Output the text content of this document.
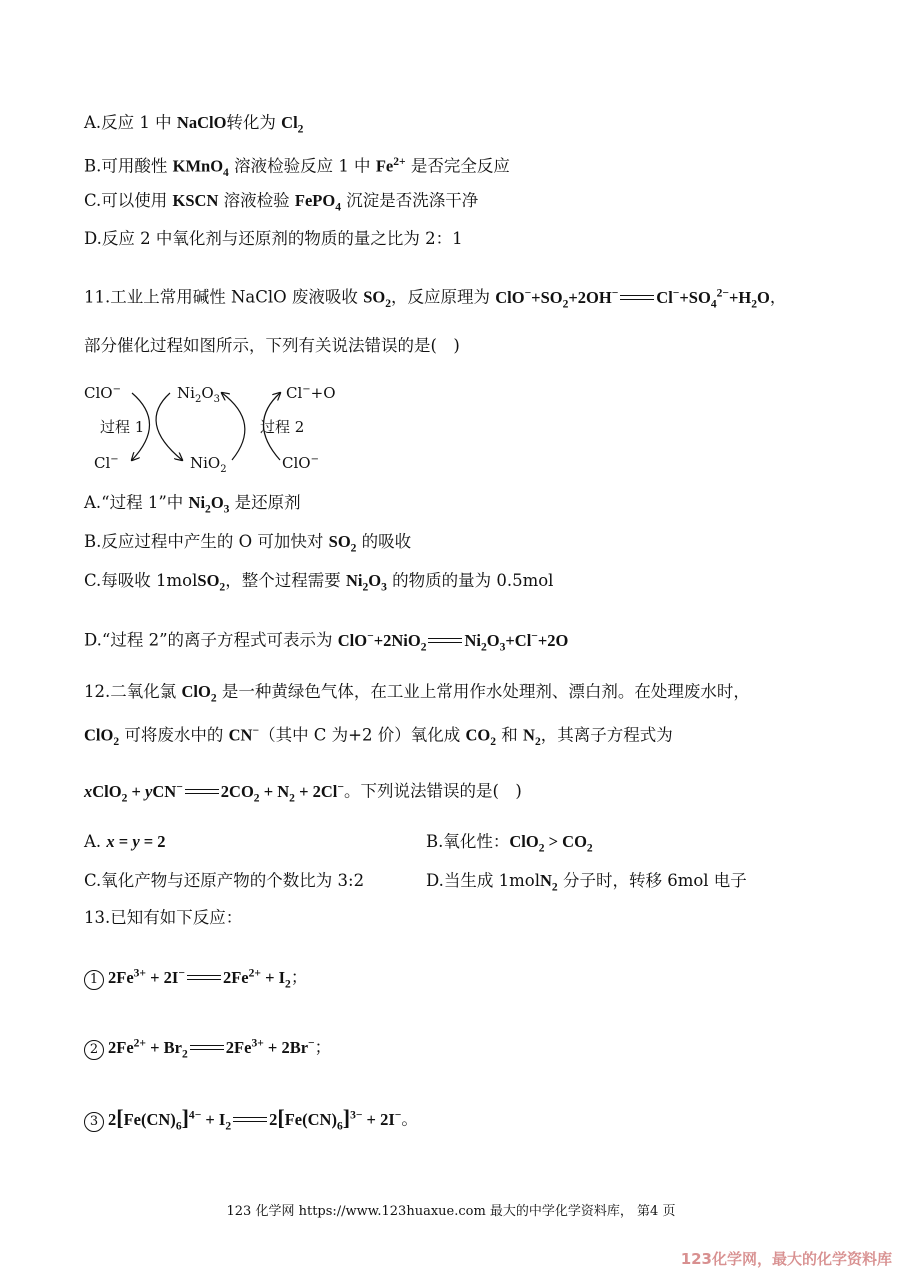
A.反应 1 中 NaClO转化为 $Cl_2$
B.可用酸性 KMnO$_4$ 溶液检验反应 1 中 $Fe^{2+}$ 是否完全反应
C.可以使用 KSCN 溶液检验 FePO$_4$ 沉淀是否洗涤干净
D.反应 2 中氧化剂与还原剂的物质的量之比为 2：1
11.工业上常用碱性 NaClO 废液吸收 $SO_2$，反应原理为 $ClO^-+SO_2+2OH^-$ $Cl^-+SO_4^{2-}+H_2O$，
部分催化过程如图所示，下列有关说法错误的是(　)
ClO−	$Ni_2O_3$	Cl−+O
过程 1	过程 2
Cl−	NiO$_2$	ClO−
A.“过程 1”中 $Ni_2O_3$ 是还原剂
B.反应过程中产生的 O 可加快对 $SO_2$ 的吸收
C.每吸收 1molSO$_2$，整个过程需要 $Ni_2O_3$ 的物质的量为 0.5mol
D.“过程 2”的离子方程式可表示为 ClO−+2NiO$_2$ $Ni_2O_3+Cl^-+2O$
12.二氧化氯 ClO$_2$ 是一种黄绿色气体，在工业上常用作水处理剂、漂白剂。在处理废水时，
ClO$_2$ 可将废水中的 CN−（其中 C 为+2 价）氧化成 $CO_2$ 和 $N_2$，其离子方程式为
xClO$_2$ + yCN− $2CO_2 + N_2 + 2Cl^-$。下列说法错误的是(　)
A. x = y = 2	B.氧化性：$ClO_2 > CO_2$
C.氧化产物与还原产物的个数比为 3:2	D.当生成 1molN$_2$ 分子时，转移 6mol 电子
13.已知有如下反应：
1 $2Fe^{3+} + 2I^-$ $2Fe^{2+} + I_2$；
2 $2Fe^{2+} + Br_2$ $2Fe^{3+} + 2Br^-$；
3 $2[Fe(CN)_6]^{4-} + I_2$ $2[Fe(CN)_6]^{3-} + 2I^-$。
123 化学网 https://www.123huaxue.com 最大的中学化学资料库， 第4 页
123化学网，最大的化学资料库
